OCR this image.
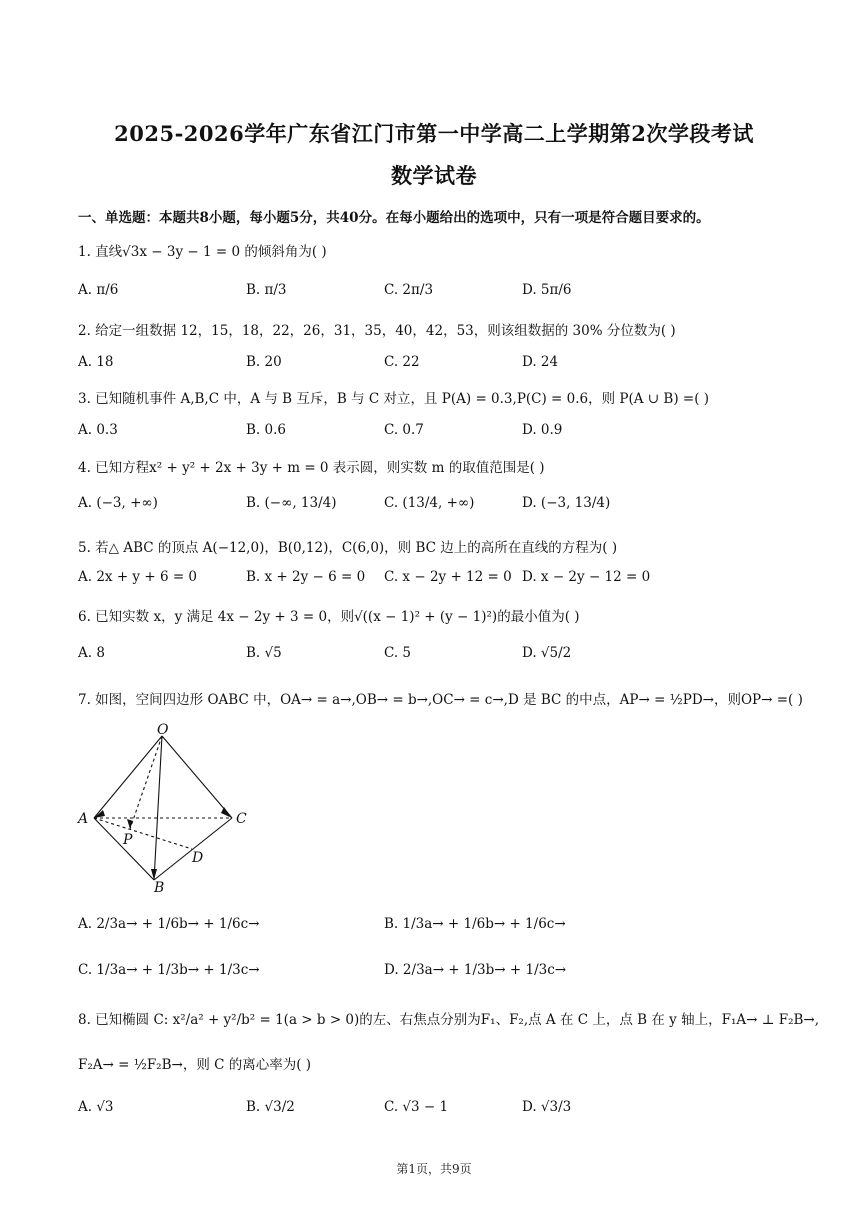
2025-2026学年广东省江门市第一中学高二上学期第2次学段考试
数学试卷
一、单选题：本题共8小题，每小题5分，共40分。在每小题给出的选项中，只有一项是符合题目要求的。
1. 直线√3x − 3y − 1 = 0 的倾斜角为( )
A. π/6	B. π/3	C. 2π/3	D. 5π/6
2. 给定一组数据 12，15，18，22，26，31，35，40，42，53，则该组数据的 30% 分位数为( )
A. 18	B. 20	C. 22	D. 24
3. 已知随机事件 A,B,C 中，A 与 B 互斥，B 与 C 对立，且 P(A) = 0.3,P(C) = 0.6，则 P(A ∪ B) =( )
A. 0.3	B. 0.6	C. 0.7	D. 0.9
4. 已知方程x² + y² + 2x + 3y + m = 0 表示圆，则实数 m 的取值范围是( )
A. (−3, +∞)	B. (−∞, 13/4)	C. (13/4, +∞)	D. (−3, 13/4)
5. 若△ ABC 的顶点 A(−12,0)，B(0,12)，C(6,0)，则 BC 边上的高所在直线的方程为( )
A. 2x + y + 6 = 0	B. x + 2y − 6 = 0 C. x − 2y + 12 = 0 D. x − 2y − 12 = 0
6. 已知实数 x，y 满足 4x − 2y + 3 = 0，则√((x − 1)² + (y − 1)²)的最小值为( )
A. 8	B. √5	C. 5	D. √5/2
7. 如图，空间四边形 OABC 中，OA→ = a→,OB→ = b→,OC→ = c→,D 是 BC 的中点，AP→ = ½PD→，则OP→ =( )
O
A	C
B
D
P
A. 2/3a→ + 1/6b→ + 1/6c→	B. 1/3a→ + 1/6b→ + 1/6c→
C. 1/3a→ + 1/3b→ + 1/3c→	D. 2/3a→ + 1/3b→ + 1/3c→
8. 已知椭圆 C: x²/a² + y²/b² = 1(a > b > 0)的左、右焦点分别为F₁、F₂,点 A 在 C 上，点 B 在 y 轴上，F₁A→ ⊥ F₂B→,
F₂A→ = ½F₂B→，则 C 的离心率为( )
A. √3	B. √3/2	C. √3 − 1	D. √3/3
第1页，共9页
